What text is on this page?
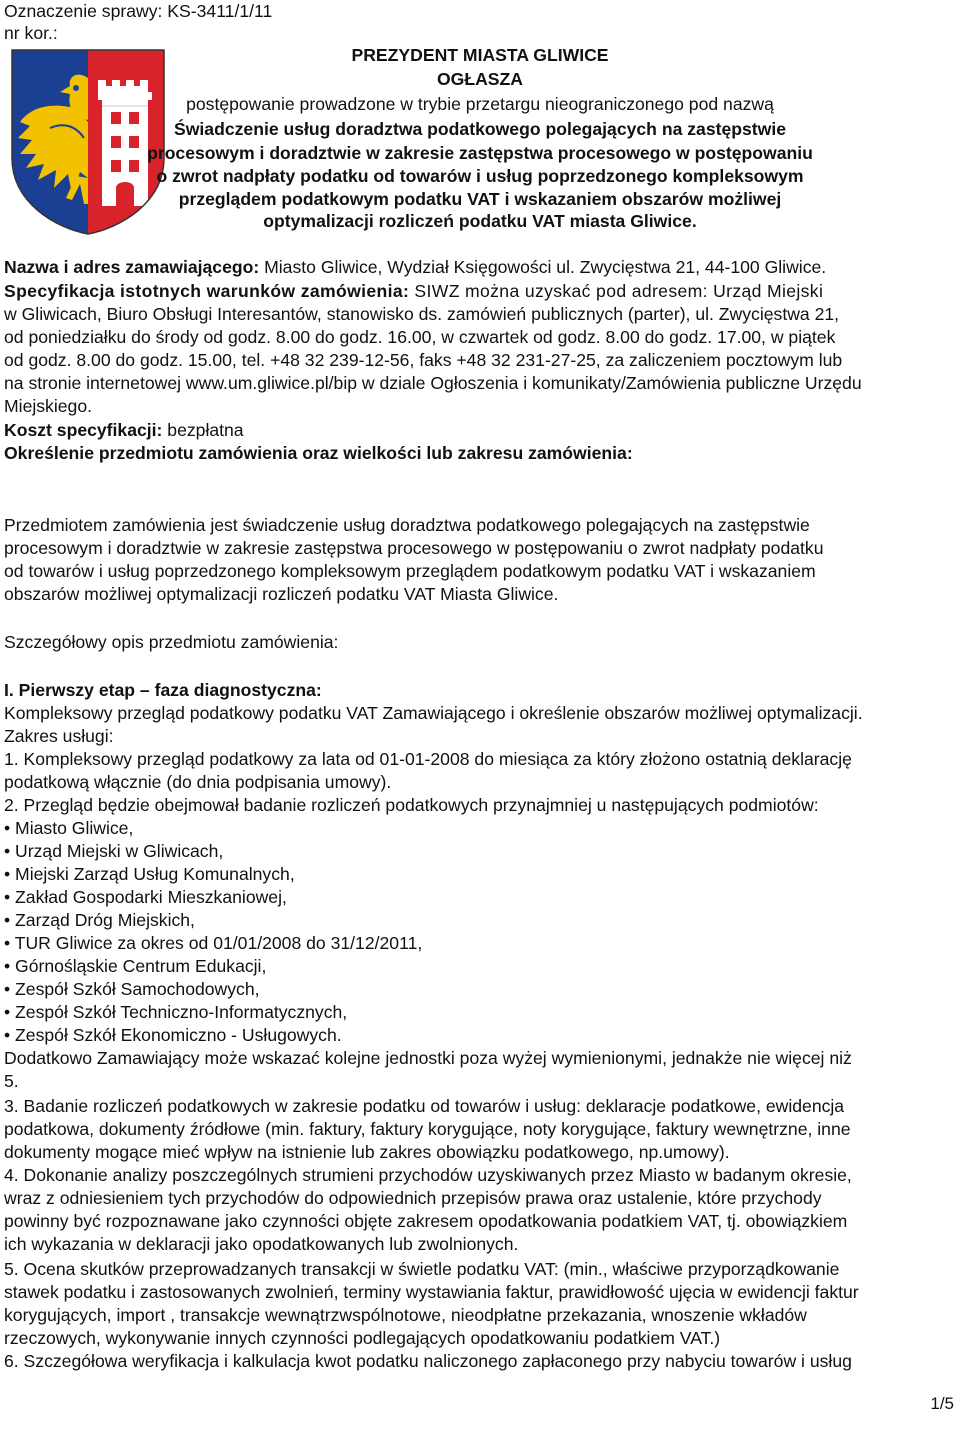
Oznaczenie sprawy: KS-3411/1/11
nr kor.:
PREZYDENT MIASTA GLIWICE
OGŁASZA
postępowanie prowadzone w trybie przetargu nieograniczonego pod nazwą
Świadczenie usług doradztwa podatkowego polegających na zastępstwie
procesowym i doradztwie w zakresie zastępstwa procesowego w postępowaniu
o zwrot nadpłaty podatku od towarów i usług poprzedzonego kompleksowym
przeglądem podatkowym podatku VAT i wskazaniem obszarów możliwej
optymalizacji rozliczeń podatku VAT miasta Gliwice.
Nazwa i adres zamawiającego: Miasto Gliwice, Wydział Księgowości ul. Zwycięstwa 21, 44-100 Gliwice.
Specyfikacja istotnych warunków zamówienia: SIWZ można uzyskać pod adresem: Urząd Miejski
w Gliwicach, Biuro Obsługi Interesantów, stanowisko ds. zamówień publicznych (parter), ul. Zwycięstwa 21,
od poniedziałku do środy od godz. 8.00 do godz. 16.00, w czwartek od godz. 8.00 do godz. 17.00, w piątek
od godz. 8.00 do godz. 15.00, tel. +48 32 239-12-56, faks +48 32 231-27-25, za zaliczeniem pocztowym lub
na stronie internetowej www.um.gliwice.pl/bip w dziale Ogłoszenia i komunikaty/Zamówienia publiczne Urzędu
Miejskiego.
Koszt specyfikacji: bezpłatna
Określenie przedmiotu zamówienia oraz wielkości lub zakresu zamówienia:
Przedmiotem zamówienia jest świadczenie usług doradztwa podatkowego polegających na zastępstwie
procesowym i doradztwie w zakresie zastępstwa procesowego w postępowaniu o zwrot nadpłaty podatku
od towarów i usług poprzedzonego kompleksowym przeglądem podatkowym podatku VAT i wskazaniem
obszarów możliwej optymalizacji rozliczeń podatku VAT Miasta Gliwice.
Szczegółowy opis przedmiotu zamówienia:
I. Pierwszy etap – faza diagnostyczna:
Kompleksowy przegląd podatkowy podatku VAT Zamawiającego i określenie obszarów możliwej optymalizacji.
Zakres usługi:
1. Kompleksowy przegląd podatkowy za lata od 01-01-2008 do miesiąca za który złożono ostatnią deklarację
podatkową włącznie (do dnia podpisania umowy).
2. Przegląd będzie obejmował badanie rozliczeń podatkowych przynajmniej u następujących podmiotów:
• Miasto Gliwice,
• Urząd Miejski w Gliwicach,
• Miejski Zarząd Usług Komunalnych,
• Zakład Gospodarki Mieszkaniowej,
• Zarząd Dróg Miejskich,
• TUR Gliwice za okres od 01/01/2008 do 31/12/2011,
• Górnośląskie Centrum Edukacji,
• Zespół Szkół Samochodowych,
• Zespół Szkół Techniczno-Informatycznych,
• Zespół Szkół Ekonomiczno - Usługowych.
Dodatkowo Zamawiający może wskazać kolejne jednostki poza wyżej wymienionymi, jednakże nie więcej niż
5.
3. Badanie rozliczeń podatkowych w zakresie podatku od towarów i usług: deklaracje podatkowe, ewidencja
podatkowa, dokumenty źródłowe (min. faktury, faktury korygujące, noty korygujące, faktury wewnętrzne, inne
dokumenty mogące mieć wpływ na istnienie lub zakres obowiązku podatkowego, np.umowy).
4. Dokonanie analizy poszczególnych strumieni przychodów uzyskiwanych przez Miasto w badanym okresie,
wraz z odniesieniem tych przychodów do odpowiednich przepisów prawa oraz ustalenie, które przychody
powinny być rozpoznawane jako czynności objęte zakresem opodatkowania podatkiem VAT, tj. obowiązkiem
ich wykazania w deklaracji jako opodatkowanych lub zwolnionych.
5. Ocena skutków przeprowadzanych transakcji w świetle podatku VAT: (min., właściwe przyporządkowanie
stawek podatku i zastosowanych zwolnień, terminy wystawiania faktur, prawidłowość ujęcia w ewidencji faktur
korygujących, import , transakcje wewnątrzwspólnotowe, nieodpłatne przekazania, wnoszenie wkładów
rzeczowych, wykonywanie innych czynności podlegających opodatkowaniu podatkiem VAT.)
6. Szczegółowa weryfikacja i kalkulacja kwot podatku naliczonego zapłaconego przy nabyciu towarów i usług
1/5
